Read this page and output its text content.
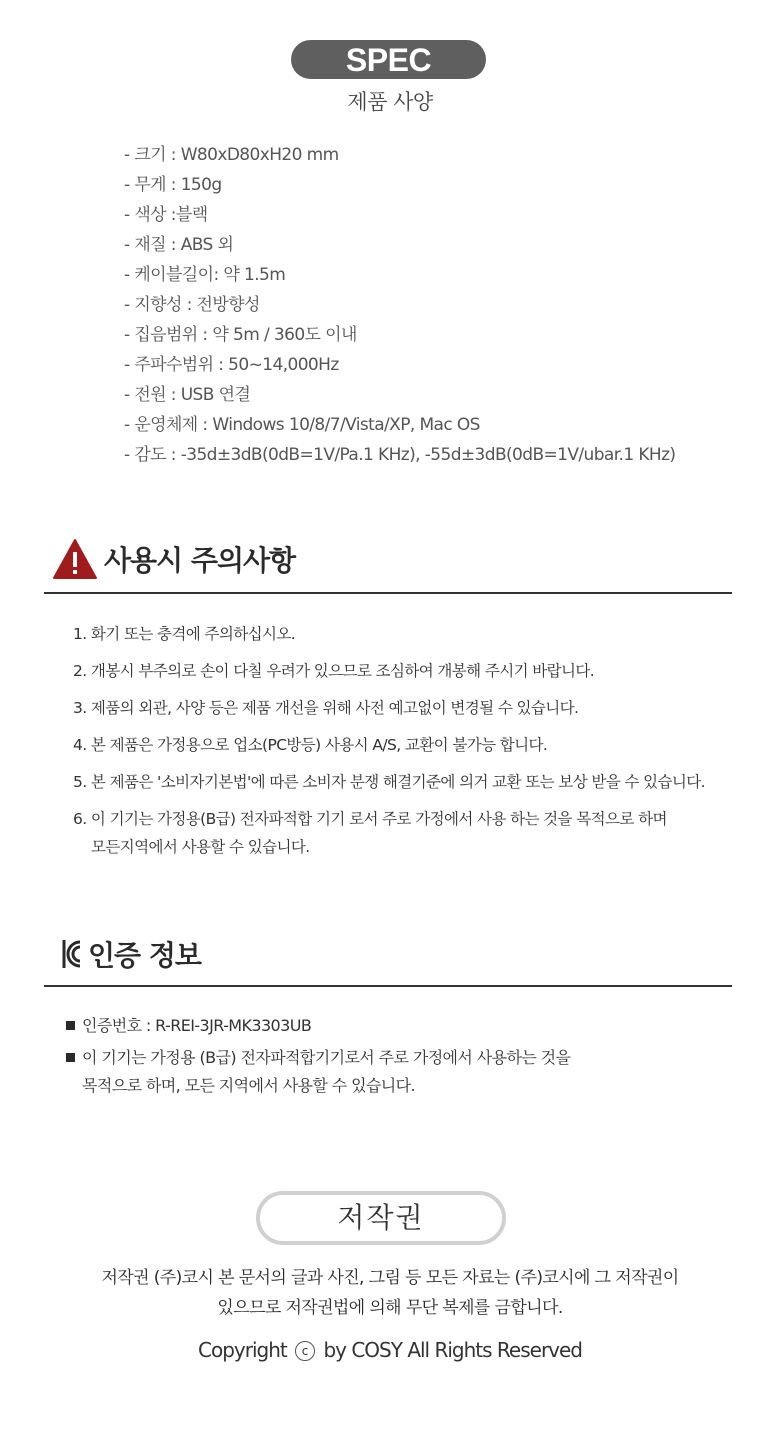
SPEC
제품 사양
- 크기 : W80xD80xH20 mm
- 무게 : 150g
- 색상 :블랙
- 재질 : ABS 외
- 케이블길이: 약 1.5m
- 지향성 : 전방향성
- 집음범위 : 약 5m / 360도 이내
- 주파수범위 : 50~14,000Hz
- 전원 : USB 연결
- 운영체제 : Windows 10/8/7/Vista/XP, Mac OS
- 감도 : -35d±3dB(0dB=1V/Pa.1 KHz), -55d±3dB(0dB=1V/ubar.1 KHz)
사용시 주의사항
1. 화기 또는 충격에 주의하십시오.
2. 개봉시 부주의로 손이 다칠 우려가 있으므로 조심하여 개봉해 주시기 바랍니다.
3. 제품의 외관, 사양 등은 제품 개선을 위해 사전 예고없이 변경될 수 있습니다.
4. 본 제품은 가정용으로 업소(PC방등) 사용시 A/S, 교환이 불가능 합니다.
5. 본 제품은 '소비자기본법'에 따른 소비자 분쟁 해결기준에 의거 교환 또는 보상 받을 수 있습니다.
6. 이 기기는 가정용(B급) 전자파적합 기기 로서 주로 가정에서 사용 하는 것을 목적으로 하며
모든지역에서 사용할 수 있습니다.
인증 정보
인증번호 : R-REI-3JR-MK3303UB
이 기기는 가정용 (B급) 전자파적합기기로서 주로 가정에서 사용하는 것을
목적으로 하며, 모든 지역에서 사용할 수 있습니다.
저작권
저작권 (주)코시 본 문서의 글과 사진, 그림 등 모든 자료는 (주)코시에 그 저작권이
있으므로 저작권법에 의해 무단 복제를 금합니다.
Copyright c by COSY All Rights Reserved
